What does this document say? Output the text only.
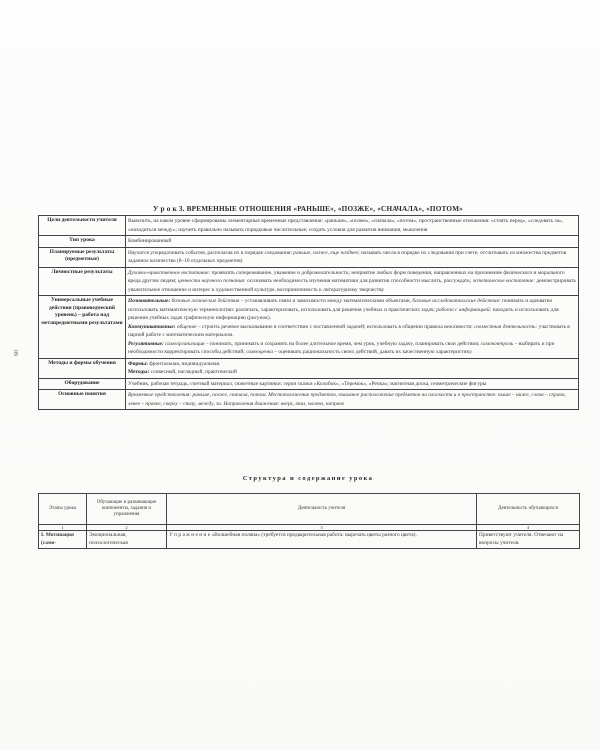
60
У р о к 3. ВРЕМЕННЫЕ ОТНОШЕНИЯ «РАНЬШЕ», «ПОЗЖЕ», «СНАЧАЛА», «ПОТОМ»
Цели деятельности учителя	Выяснить, на каком уровне сформированы элементарные временные представления: «раньше», «позже», «сначала», «потом», пространственные отношения: «стоять перед», «следовать за», «находиться между»; научить правильно называть порядковые числительные; создать условия для развития внимания, мышления
Тип урока	Комбинированный
Планируемые результаты (предметные)	Научатся упорядочивать события, располагая их в порядке следования: раньше, позже, еще позднее; называть числа в порядке их следования при счете; отсчитывать из множества предметов заданное количество (8–10 отдельных предметов)
Личностные результаты	Духовно-нравственное воспитание: проявлять сопереживание, уважение и доброжелательность; неприятие любых форм поведения, направленных на причинение физического и морального вреда другим людям; ценности научного познания: осознавать необходимость изучения математики для развития способности мыслить, рассуждать; эстетическое воспитание: демонстрировать уважительное отношение и интерес к художественной культуре, восприимчивость к литературному творчеству
Универсальные учебные действия (правоведческий уровень) – работа над метапредметными результатами	Познавательные: базовые логические действия – устанавливать связи и зависимости между математическими объектами, базовые исследовательские действия: понимать и адекватно использовать математическую терминологию: различать, характеризовать, использовать для решения учебных и практических задач; работа с информацией: находить и использовать для решения учебных задач графическую информацию (рисунок).
Коммуникативные: общение – строить речевое высказывание в соответствии с поставленной задачей; использовать в общении правила вежливости; совместная деятельность: участвовать в парной работе с математическим материалом.
Регулятивные: самоорганизация – понимать, принимать и сохранять на более длительное время, чем урок, учебную задачу, планировать свои действия; самоконтроль – выбирать и при необходимости корректировать способы действий; самооценка – оценивать рациональность своих действий, давать их качественную характеристику.
Методы и формы обучения	Формы: фронтальная, индивидуальная.
Методы: словесный, наглядный, практический
Оборудование	Учебник, рабочая тетрадь, счетный материал, сюжетные картинки: герои сказки «Колобок», «Теремок», «Репка»; магнитная доска, геометрические фигуры
Основные понятия	Временные представления: раньше, позже, сначала, потом. Местоположение предметов, взаимное расположение предметов на плоскости и в пространстве: выше – ниже, слева – справа, левее – правее, сверху – снизу, между, за. Направления движения: вверх, вниз, налево, направо
Структура и содержание урока
Этапы урока	Обучающие и развивающие компоненты, задания и упражнения	Деятельность учителя	Деятельность обучающихся
1	2	3	4
I. Мотивация (само-	Эмоциональная, психологическая	У п р а ж н е н и е «Волшебная поляна» (требуется предварительная работа: вырезать цветы разного цвета).	Приветствуют учителя. Отвечают на вопросы учителя.
